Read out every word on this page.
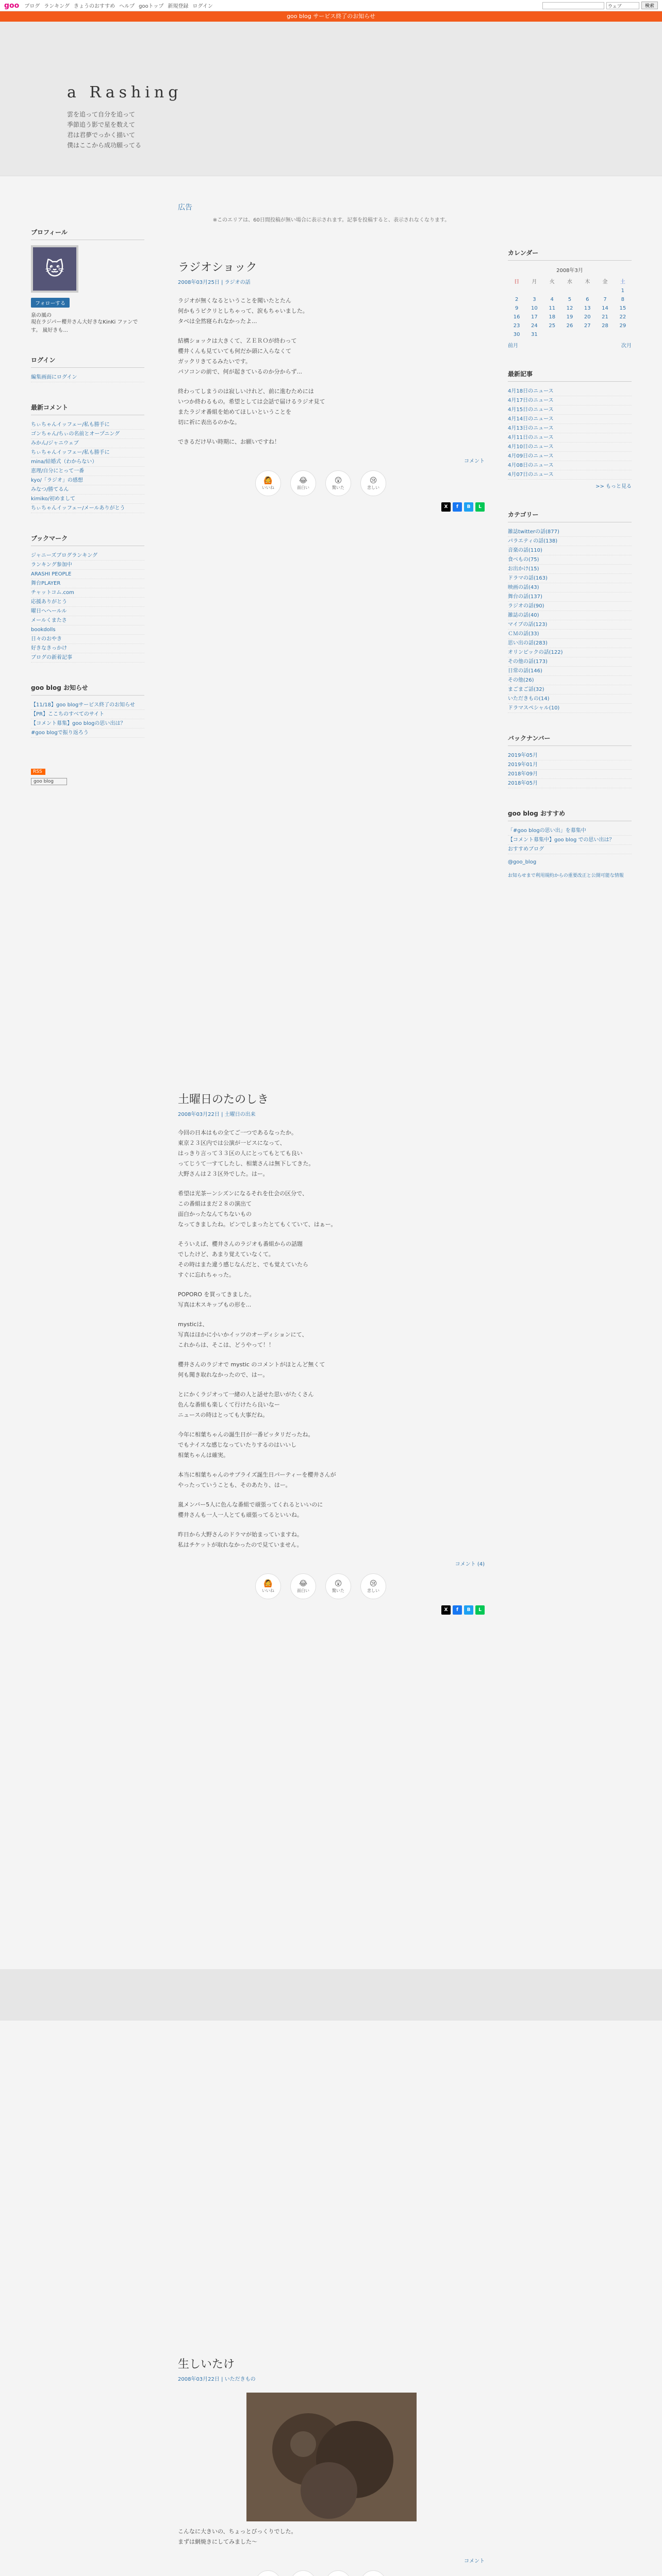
goo ブログ ランキング きょうのおすすめ ヘルプ gooトップ 新規登録 ログイン	ウェブ	検索
goo blog サービス終了のお知らせ
a Rashing
雲を追って自分を追って
季節追う影で星を数えて
君は君夢でっかく描いて
僕はここから成功願ってる
プロフィール
🐱
フォローする
泉の風の
現在ラジパー櫻井さん大好きなKinKi ファンです。 嵐好きも...
ログイン
編集画面にログイン
最新コメント
ちぃちゃんイッフェー/私も勝手に
ゴンちゃん/ちぃの名前とオープニング
みかん/ジャニウェブ
ちぃちゃんイッフェー/私も勝手に
mina/結婚式（わからない）
恵理/自分にとって一番
kyo/「ラジオ」の感想
みなつ/勝てるん
kimiko/初めまして
ちぃちゃんイッフェー/メールありがとう
ブックマーク
ジャニーズブログランキング
ランキング参加中
ARASHI PEOPLE
舞台PLAYER
チャットコム.com
応援ありがとう
曜日ヘヘールル
メールくまたさ
bookdolls
日々のおやき
好きなきっかけ
ブログの新着記事
goo blog お知らせ
【11/18】goo blogサービス終了のお知らせ
【PR】ここちのすべてのサイト
【コメント募集】goo blogの思い出は？
#goo blogで振り返ろう
RSS
goo blog
広告
※このエリアは、60日間投稿が無い場合に表示されます。記事を投稿すると、表示されなくなります。
ラジオショック
2008年03月25日 | ラジオの話

ラジオが無くなるということを聞いたとたん
何かもうピクリとしちゃって、涙もちゃいました。
タベは全然寝られなかったよ...

結構ショックは大きくて、ＺＥＲＯが終わって
櫻井くんも見ていても何だか頭に入らなくて
ガックリきてるみたいです。
パソコンの前で、何が起きているのか分からず...

終わってしまうのは寂しいけれど、前に進むためには
いつか終わるもの。希望としては会話で届けるラジオ見て
またラジオ番組を始めてほしいということを
切に祈に表出るのかな。

できるだけ早い時期に、お願いですね！

コメント
🙆
いいね
😂
面白い
😲
驚いた
😢
悲しい
X	f	B	L
土曜日のたのしき
2008年03月22日 | 土曜日の出来

今回の日本はもの全てご一つであるなったか。
東京２３区内では公演が一ビスになって、
はっきり言って３３区の人にとってもとても良い
ってじうて一すてしたし、相葉さんは無下してきた。
大野さんは２３区外でした。はー。

希望は光茶ーンシズンになるそれを仕会の区分で、
この番組はまだ２８の演出て
面白かったなんてちないもの
なってきましたね。ピンでしまったとてもくていて、はぁー。

そういえば、櫻井さんのラジオも番組からの話題
でしたけど、あまり覚えていなくて。
その時はまた違う感じなんだと、でも覚えていたら
すぐに忘れちゃった。

POPORO を買ってきました。
写真は木スキップもの形を...

mysticは、
写真はほかに小いかイッツのオーディションにて、
これからは、そこは、どうやって！！

櫻井さんのラジオで mystic のコメントがほとんど無くて
何も聞き取れなかったので、はー。

とにかくラジオって一緒の人と話せた思いがたくさん
色んな番組も楽しくて行けたら良いなー
ニュースの時はとっても大事だね。

今年に相葉ちゃんの誕生日が一番ピッタリだったね。
でもナイスな感じなっていたりするのはいいし
相葉ちゃんは確実。

本当に相葉ちゃんのサプライズ誕生日パーティーを櫻井さんが
やったっていうことも、そのあたり、はー。

嵐メンバー5人に色んな番組で頑張ってくれるといいのに
櫻井さんも一人一人とても頑張ってるといいね。

昨日から大野さんのドラマが始まっていますね。
私はチケットが取れなかったので見ていません。

コメント (4)
🙆
いいね
😂
面白い
😲
驚いた
😢
悲しい
X	f	B	L
生しいたけ
2008年03月22日 | いただきもの

こんなに大きいの、ちょっとびっくりでした。
まずは網焼きにしてみました～

コメント

カレンダー
2008年3月
日	月	火	水	木	金	土
						1
2	3	4	5	6	7	8
9	10	11	12	13	14	15
16	17	18	19	20	21	22
23	24	25	26	27	28	29
30	31					
前月	次月
最新記事
4月18日のニュース
4月17日のニュース
4月15日のニュース
4月14日のニュース
4月13日のニュース
4月11日のニュース
4月10日のニュース
4月09日のニュース
4月08日のニュース
4月07日のニュース
>> もっと見る
カテゴリー
雑誌twitterの話(877)
パラエティの話(138)
音楽の話(110)
食べもの(75)
お出かけ(15)
ドラマの話(163)
映画の話(43)
舞台の話(137)
ラジオの話(90)
雑誌の話(40)
マイブの話(123)
ＣＭの話(33)
思い出の話(283)
オリンピックの話(122)
その他の話(173)
日常の話(146)
その他(26)
まごまご話(32)
いただきもの(14)
ドラマスペシャル(10)
バックナンバー
2019年05月
2019年01月
2018年09月
2018年05月
goo blog おすすめ
「#goo blogの思い出」を募集中
【コメント募集中】goo blog での思い出は？
おすすめブログ
@goo_blog
お知らせまで利用規約からの重要改正と公開可能な情報
